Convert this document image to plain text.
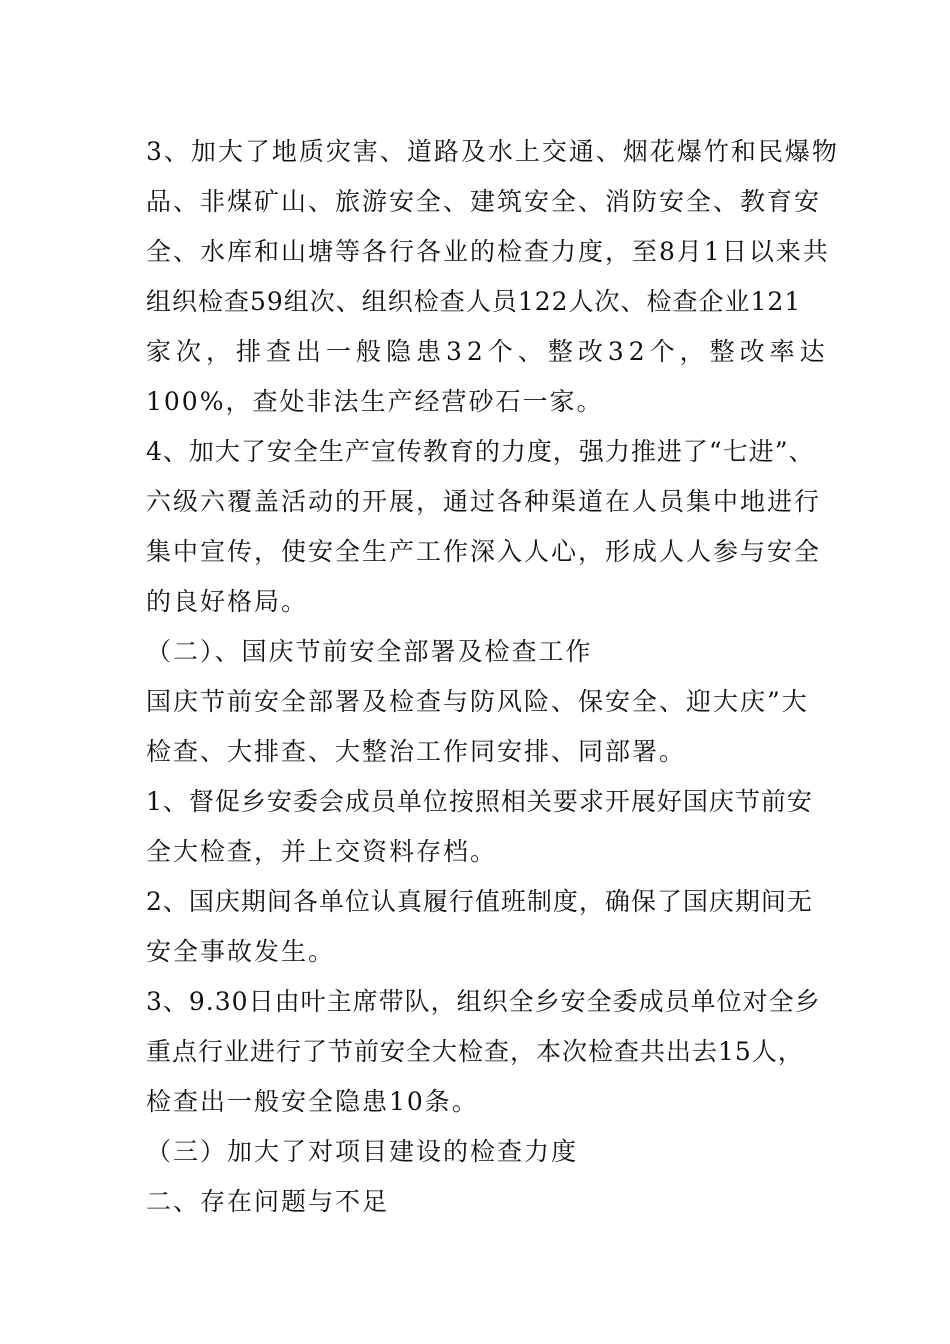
3、加大了地质灾害、道路及水上交通、烟花爆竹和民爆物
品、非煤矿山、旅游安全、建筑安全、消防安全、教育安
全、水库和山塘等各行各业的检查力度，至8月1日以来共
组织检查59组次、组织检查人员122人次、检查企业121
家次，排查出一般隐患32个、整改32个，整改率达
100%，查处非法生产经营砂石一家。
4、加大了安全生产宣传教育的力度，强力推进了“七进”、
六级六覆盖活动的开展，通过各种渠道在人员集中地进行
集中宣传，使安全生产工作深入人心，形成人人参与安全
的良好格局。
（二）、国庆节前安全部署及检查工作
国庆节前安全部署及检查与防风险、保安全、迎大庆”大
检查、大排查、大整治工作同安排、同部署。
1、督促乡安委会成员单位按照相关要求开展好国庆节前安
全大检查，并上交资料存档。
2、国庆期间各单位认真履行值班制度，确保了国庆期间无
安全事故发生。
3、9.30日由叶主席带队，组织全乡安全委成员单位对全乡
重点行业进行了节前安全大检查，本次检查共出去15人，
检查出一般安全隐患10条。
（三）加大了对项目建设的检查力度
二、存在问题与不足
